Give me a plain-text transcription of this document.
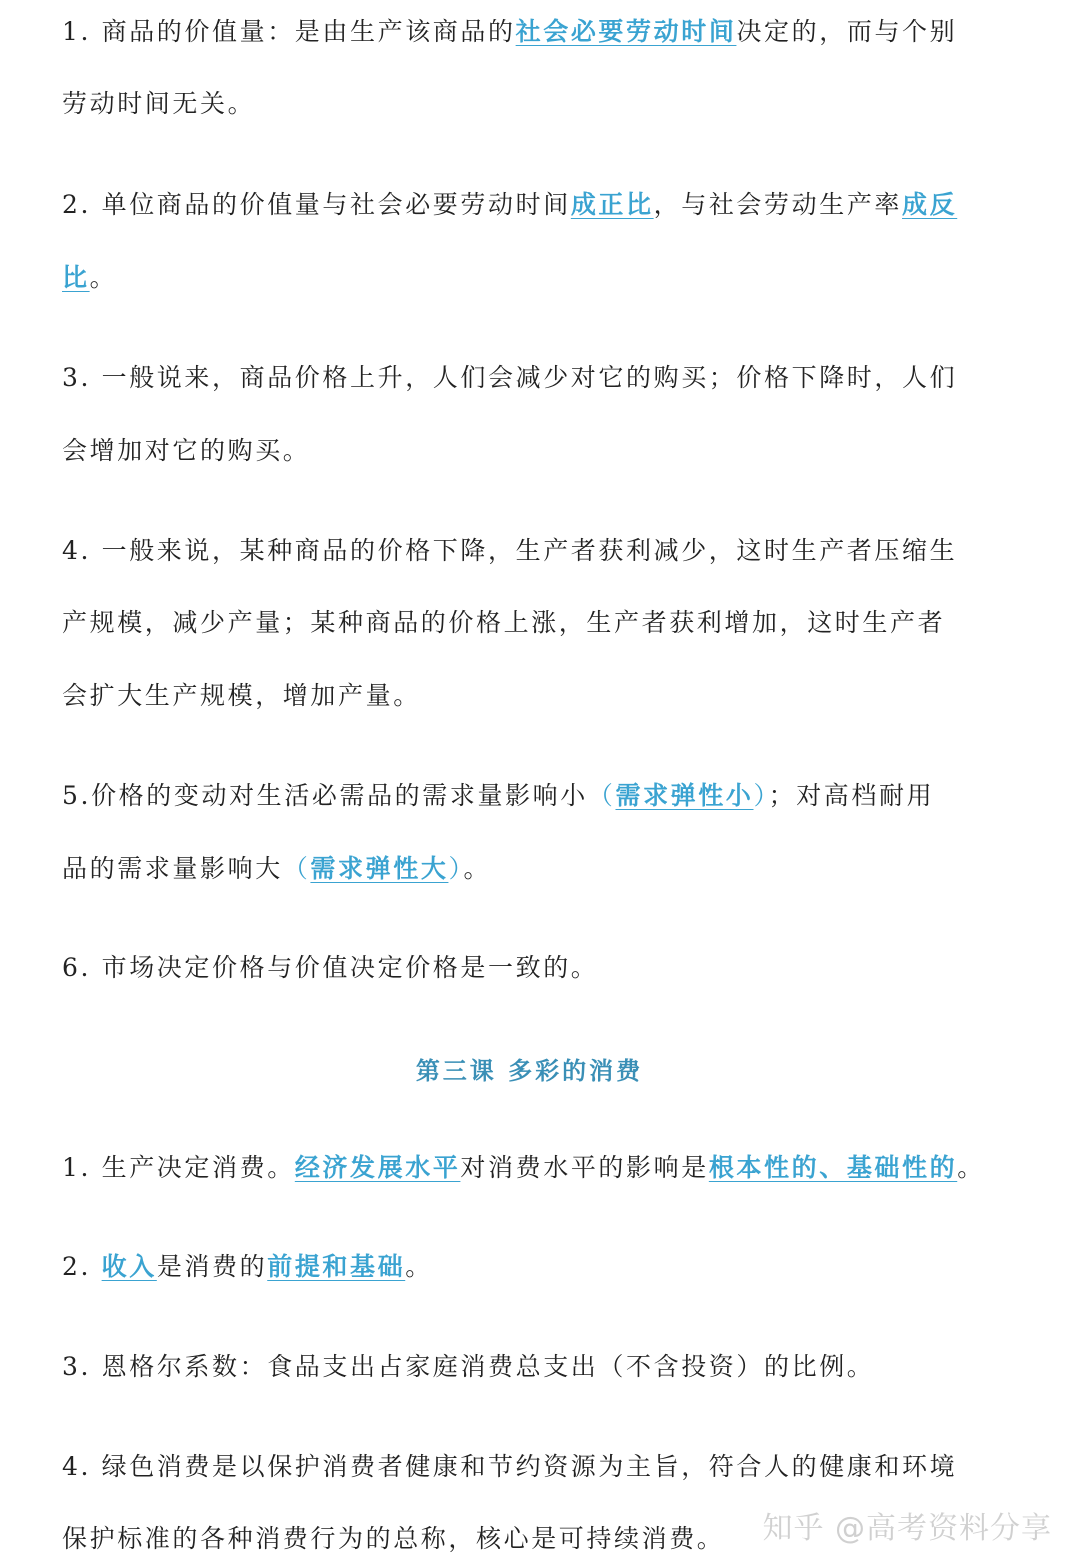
1. 商品的价值量：是由生产该商品的社会必要劳动时间决定的，而与个别
劳动时间无关。
2. 单位商品的价值量与社会必要劳动时间成正比，与社会劳动生产率成反
比。
3. 一般说来，商品价格上升，人们会减少对它的购买；价格下降时，人们
会增加对它的购买。
4. 一般来说，某种商品的价格下降，生产者获利减少，这时生产者压缩生
产规模，减少产量；某种商品的价格上涨，生产者获利增加，这时生产者
会扩大生产规模，增加产量。
5.价格的变动对生活必需品的需求量影响小（需求弹性小）；对高档耐用
品的需求量影响大（需求弹性大）。
6. 市场决定价格与价值决定价格是一致的。
第三课 多彩的消费
1. 生产决定消费。经济发展水平对消费水平的影响是根本性的、基础性的。
2. 收入是消费的前提和基础。
3. 恩格尔系数：食品支出占家庭消费总支出（不含投资）的比例。
4. 绿色消费是以保护消费者健康和节约资源为主旨，符合人的健康和环境
保护标准的各种消费行为的总称，核心是可持续消费。 知乎 @高考资料分享
